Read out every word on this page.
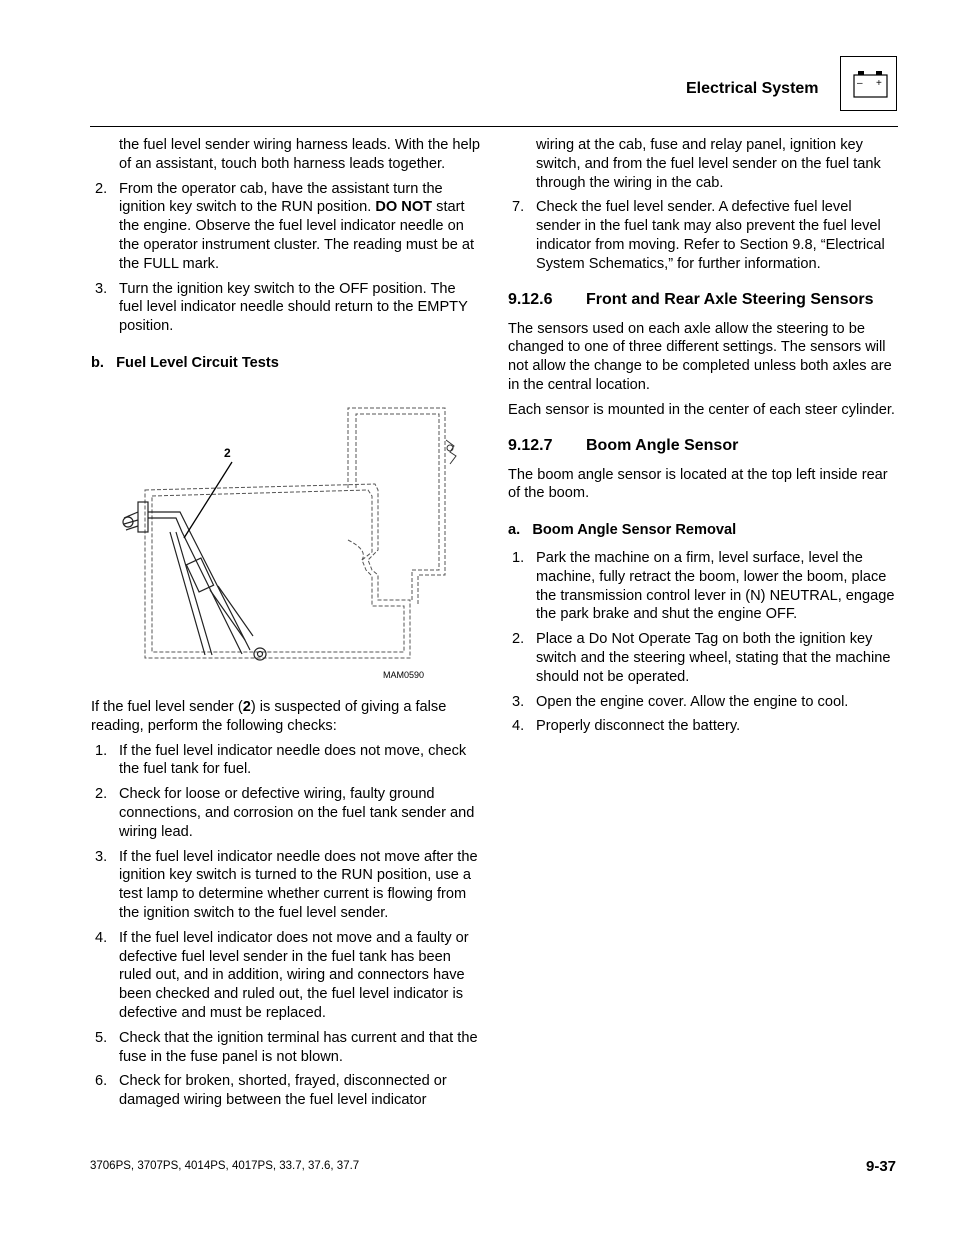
Electrical System	– +

the fuel level sender wiring harness leads. With the help of an assistant, touch both harness leads together.

2. From the operator cab, have the assistant turn the ignition key switch to the RUN position. DO NOT start the engine. Observe the fuel level indicator needle on the operator instrument cluster. The reading must be at the FULL mark.
3. Turn the ignition key switch to the OFF position. The fuel level indicator needle should return to the EMPTY position.

b.   Fuel Level Circuit Tests

2
MAM0590

If the fuel level sender (2) is suspected of giving a false reading, perform the following checks:

1. If the fuel level indicator needle does not move, check the fuel tank for fuel.
2. Check for loose or defective wiring, faulty ground connections, and corrosion on the fuel tank sender and wiring lead.
3. If the fuel level indicator needle does not move after the ignition key switch is turned to the RUN position, use a test lamp to determine whether current is flowing from the ignition switch to the fuel level sender.
4. If the fuel level indicator does not move and a faulty or defective fuel level sender in the fuel tank has been ruled out, and in addition, wiring and connectors have been checked and ruled out, the fuel level indicator is defective and must be replaced.
5. Check that the ignition terminal has current and that the fuse in the fuse panel is not blown.
6. Check for broken, shorted, frayed, disconnected or damaged wiring between the fuel level indicator

wiring at the cab, fuse and relay panel, ignition key switch, and from the fuel level sender on the fuel tank through the wiring in the cab.

7. Check the fuel level sender. A defective fuel level sender in the fuel tank may also prevent the fuel level indicator from moving. Refer to Section 9.8, “Electrical System Schematics,” for further information.
9.12.6 Front and Rear Axle Steering Sensors

The sensors used on each axle allow the steering to be changed to one of three different settings. The sensors will not allow the change to be completed unless both axles are in the central location.

Each sensor is mounted in the center of each steer cylinder.

9.12.7 Boom Angle Sensor

The boom angle sensor is located at the top left inside rear of the boom.

a.   Boom Angle Sensor Removal

1. Park the machine on a firm, level surface, level the machine, fully retract the boom, lower the boom, place the transmission control lever in (N) NEUTRAL, engage the park brake and shut the engine OFF.
2. Place a Do Not Operate Tag on both the ignition key switch and the steering wheel, stating that the machine should not be operated.
3. Open the engine cover. Allow the engine to cool.
4. Properly disconnect the battery.
3706PS, 3707PS, 4014PS, 4017PS, 33.7, 37.6, 37.7	9-37
